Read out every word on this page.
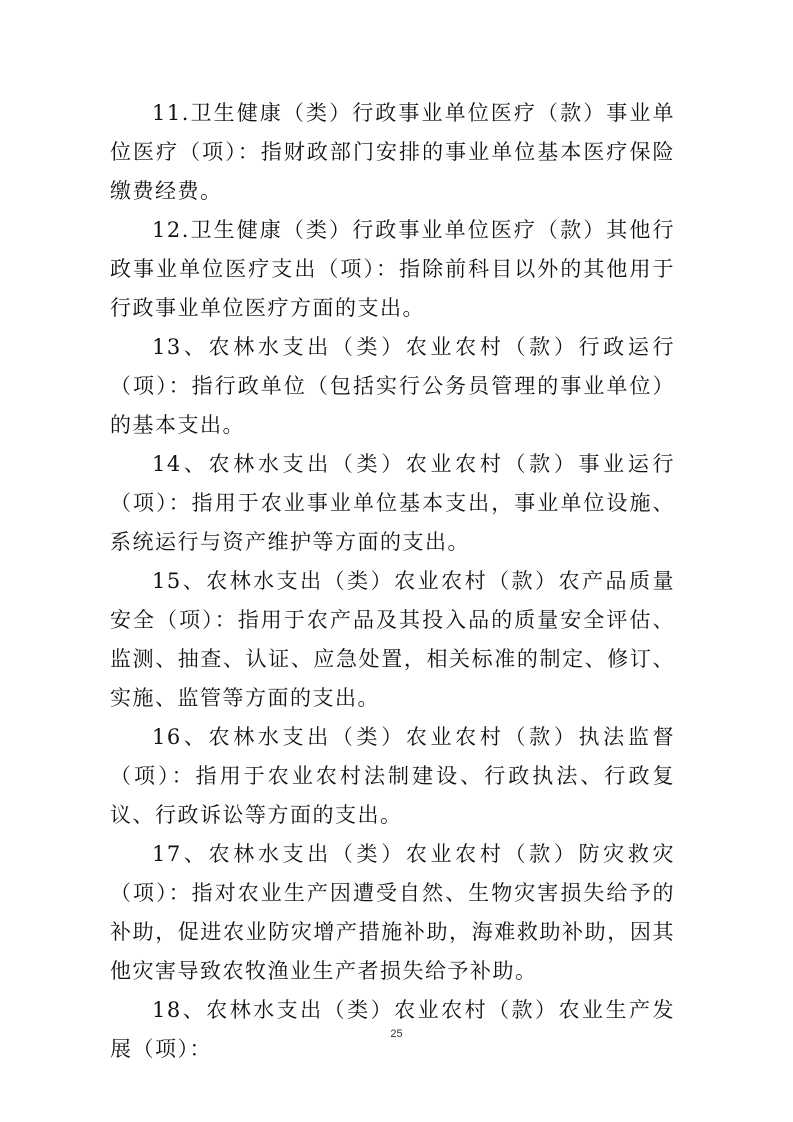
11.卫生健康（类）行政事业单位医疗（款）事业单位医疗（项）：指财政部门安排的事业单位基本医疗保险缴费经费。

12.卫生健康（类）行政事业单位医疗（款）其他行政事业单位医疗支出（项）：指除前科目以外的其他用于行政事业单位医疗方面的支出。

13、农林水支出（类）农业农村（款）行政运行（项）：指行政单位（包括实行公务员管理的事业单位）的基本支出。

14、农林水支出（类）农业农村（款）事业运行（项）：指用于农业事业单位基本支出，事业单位设施、系统运行与资产维护等方面的支出。

15、农林水支出（类）农业农村（款）农产品质量安全（项）：指用于农产品及其投入品的质量安全评估、监测、抽查、认证、应急处置，相关标准的制定、修订、实施、监管等方面的支出。

16、农林水支出（类）农业农村（款）执法监督（项）：指用于农业农村法制建设、行政执法、行政复议、行政诉讼等方面的支出。

17、农林水支出（类）农业农村（款）防灾救灾（项）：指对农业生产因遭受自然、生物灾害损失给予的补助，促进农业防灾增产措施补助，海难救助补助，因其他灾害导致农牧渔业生产者损失给予补助。

18、农林水支出（类）农业农村（款）农业生产发展（项）：

25
